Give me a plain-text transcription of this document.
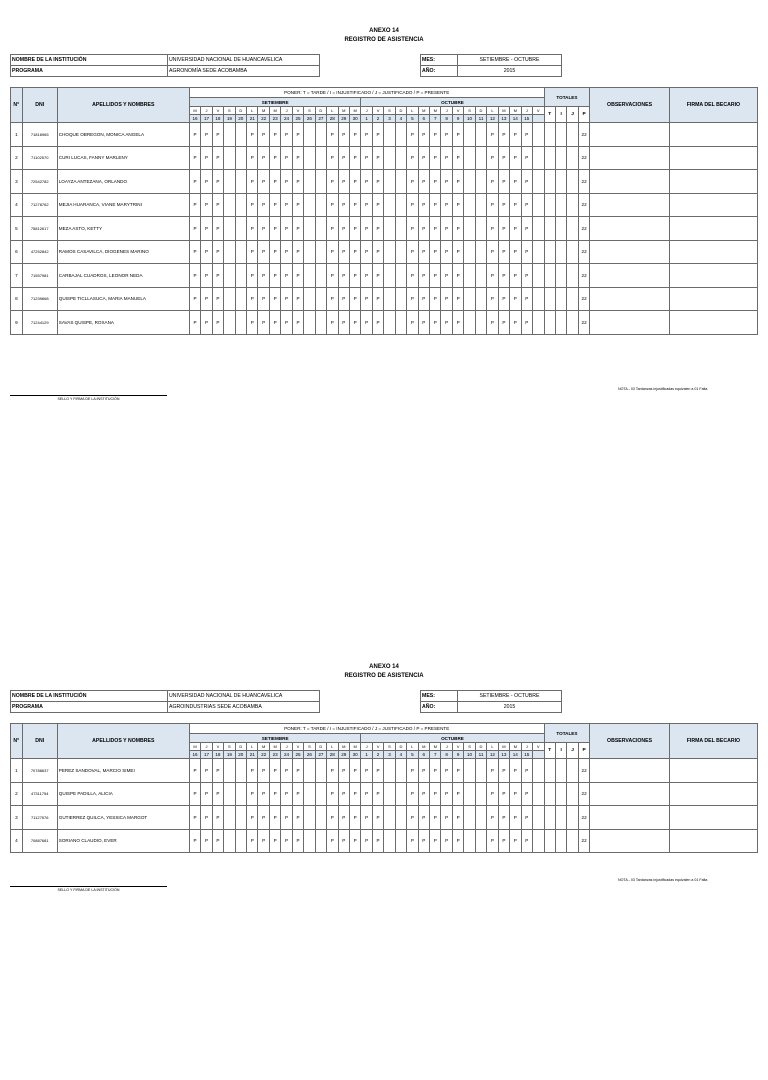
ANEXO 14
REGISTRO DE ASISTENCIA
NOMBRE DE LA INSTITUCIÓN	UNIVERSIDAD NACIONAL DE HUANCAVELICA
PROGRAMA	AGRONOMÍA SEDE ACOBAMBA
MES:	SETIEMBRE - OCTUBRE
AÑO:	2015
N°	DNI	APELLIDOS Y NOMBRES	PONER: T = TARDE / I = INJUSTIFICADO / J = JUSTIFICADO / P = PRESENTE																															TOTALES				OBSERVACIONES	FIRMA DEL BECARIO
			SETIEMBRE															OCTUBRE																					
			M	J	V	S	D	L	M	M	J	V	S	D	L	M	M	J	V	S	D	L	M	M	J	V	S	D	L	M	M	J	V	T	I	J	P		
			16	17	18	19	20	21	22	23	24	25	26	27	28	29	30	1	2	3	4	5	6	7	8	9	10	11	12	13	14	15							
1	71816965	CHOQUE OBREGON, MONICA ANGELA	P	P	P			P	P	P	P	P			P	P	P	P	P			P	P	P	P	P			P	P	P	P					22		
2	71102570	CURI LUCAS, FANNY MARLENY	P	P	P			P	P	P	P	P			P	P	P	P	P			P	P	P	P	P			P	P	P	P					22		
3	72542782	LOAYZA ANTEZANA, ORLANDO	P	P	P			P	P	P	P	P			P	P	P	P	P			P	P	P	P	P			P	P	P	P					22		
4	71278762	MEJIA HUARANCA, VIANE MARYTRINI	P	P	P			P	P	P	P	P			P	P	P	P	P			P	P	P	P	P			P	P	P	P					22		
5	75812617	MEZA ASTO, KETTY	P	P	P			P	P	P	P	P			P	P	P	P	P			P	P	P	P	P			P	P	P	P					22		
6	47252842	RAMOS CASAVILCA, DIOGENES MARINO	P	P	P			P	P	P	P	P			P	P	P	P	P			P	P	P	P	P			P	P	P	P					22		
7	71557981	CARBAJAL CUADROS, LEONOR NEDA	P	P	P			P	P	P	P	P			P	P	P	P	P			P	P	P	P	P			P	P	P	P					22		
8	71239668	QUISPE TICLLASUCA, MARIA MANUELA	P	P	P			P	P	P	P	P			P	P	P	P	P			P	P	P	P	P			P	P	P	P					22		
9	71244129	SAVAS QUISPE, ROXANA	P	P	P			P	P	P	P	P			P	P	P	P	P			P	P	P	P	P			P	P	P	P					22		
SELLO Y FIRMA DE LA INSTITUCIÓN
NOTA.- 03 Tardanzas injustificadas equivalen a 01 Falta
ANEXO 14
REGISTRO DE ASISTENCIA
NOMBRE DE LA INSTITUCIÓN	UNIVERSIDAD NACIONAL DE HUANCAVELICA
PROGRAMA	AGROINDUSTRIAS SEDE ACOBAMBA
MES:	SETIEMBRE - OCTUBRE
AÑO:	2015
N°	DNI	APELLIDOS Y NOMBRES	PONER: T = TARDE / I = INJUSTIFICADO / J = JUSTIFICADO / P = PRESENTE																															TOTALES				OBSERVACIONES	FIRMA DEL BECARIO
			SETIEMBRE															OCTUBRE																					
			M	J	V	S	D	L	M	M	J	V	S	D	L	M	M	J	V	S	D	L	M	M	J	V	S	D	L	M	M	J	V	T	I	J	P		
			16	17	18	19	20	21	22	23	24	25	26	27	28	29	30	1	2	3	4	5	6	7	8	9	10	11	12	13	14	15							
1	70788637	PEREZ SANDOVAL, MARCIO SIMEI	P	P	P			P	P	P	P	P			P	P	P	P	P			P	P	P	P	P			P	P	P	P					22		
2	47311754	QUISPE PADILLA, ALICIA	P	P	P			P	P	P	P	P			P	P	P	P	P			P	P	P	P	P			P	P	P	P					22		
3	71127576	GUTIERREZ QUILCA, YESSICA MARGOT	P	P	P			P	P	P	P	P			P	P	P	P	P			P	P	P	P	P			P	P	P	P					22		
4	70887681	SORIANO CLAUDIO, EVER	P	P	P			P	P	P	P	P			P	P	P	P	P			P	P	P	P	P			P	P	P	P					22		
SELLO Y FIRMA DE LA INSTITUCIÓN
NOTA.- 03 Tardanzas injustificadas equivalen a 01 Falta
